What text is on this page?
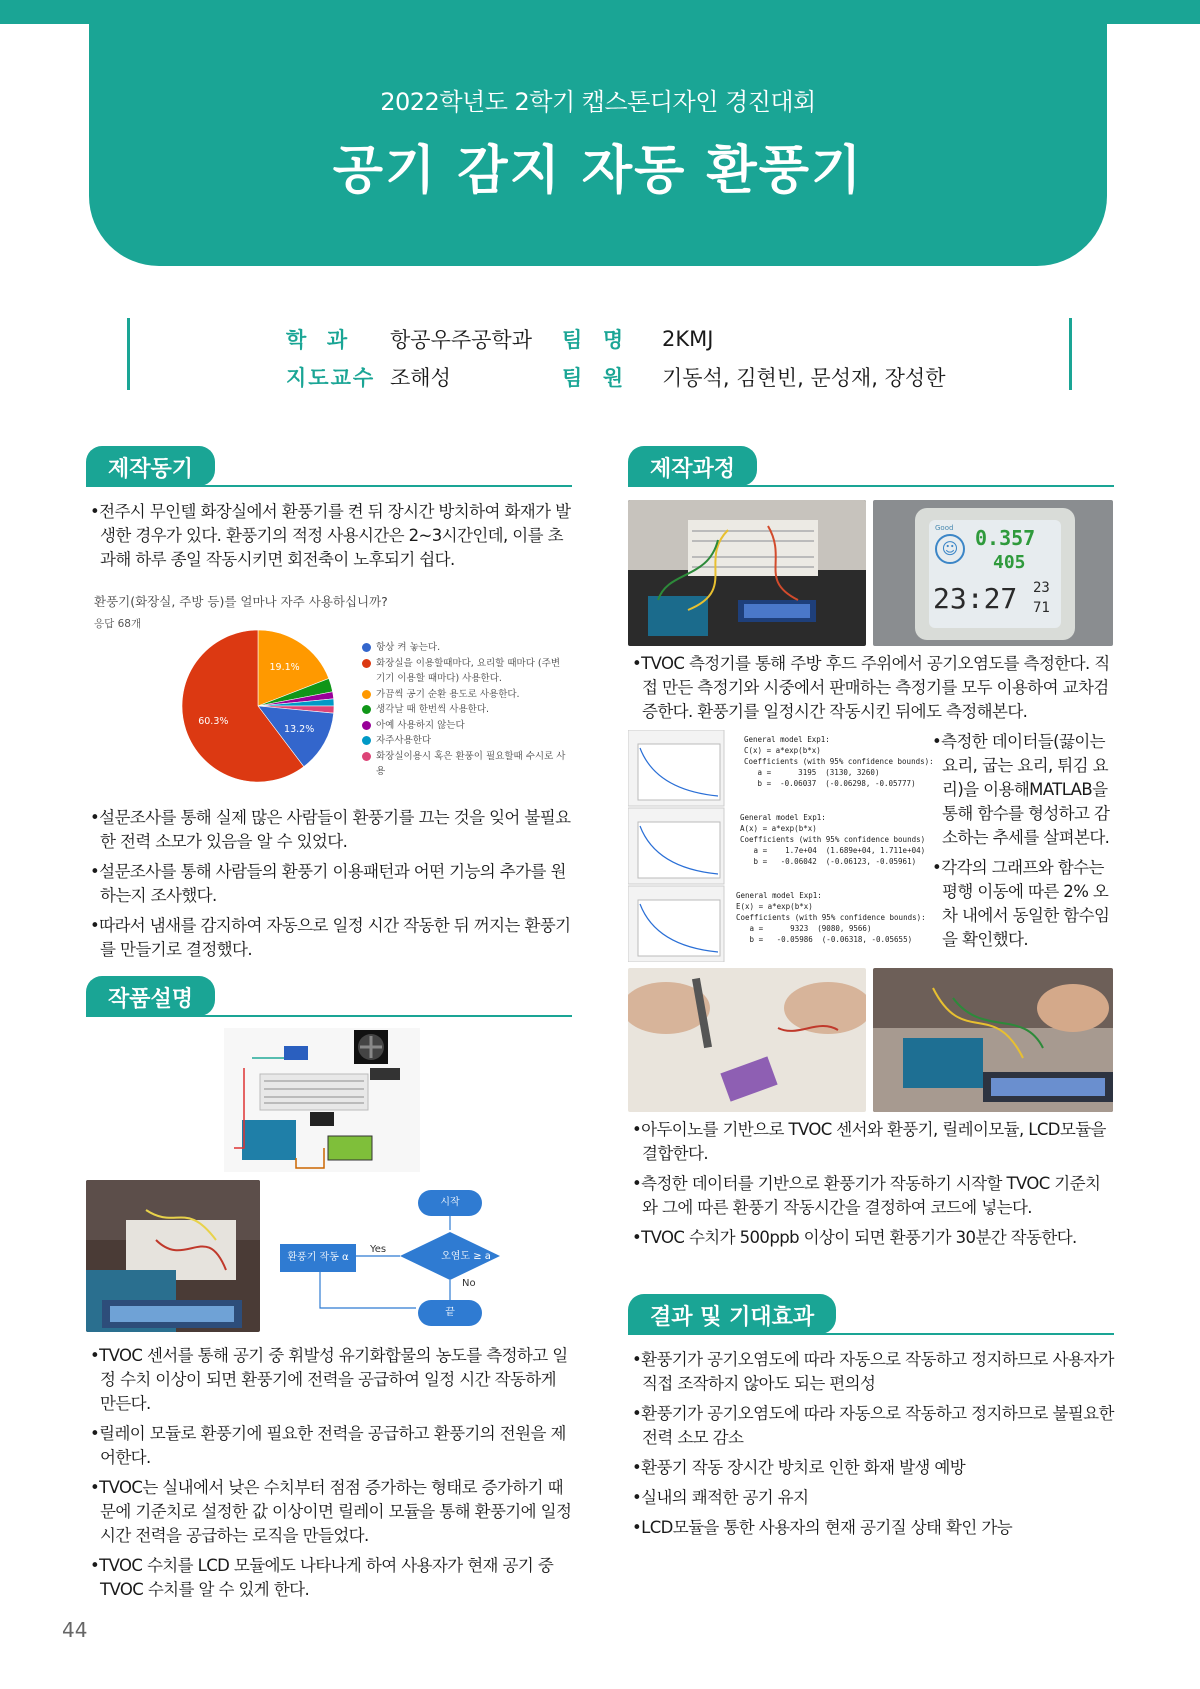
2022학년도 2학기 캡스톤디자인 경진대회
공기 감지 자동 환풍기
학  과	항공우주공학과 팀  명	2KMJ
지도교수 조해성	팀  원	기동석, 김현빈, 문성재, 장성한
제작동기

•전주시 무인텔 화장실에서 환풍기를 켠 뒤 장시간 방치하여 화재가 발생한 경우가 있다. 환풍기의 적정 사용시간은 2~3시간인데, 이를 초과해 하루 종일 작동시키면 회전축이 노후되기 쉽다.

환풍기(화장실, 주방 등)를 얼마나 자주 사용하십니까?
응답 68개
19.1%
13.2%
60.3%
항상 켜 놓는다.
화장실을 이용할때마다, 요리할 때마다 (주변 기기 이용할 때마다) 사용한다.
가끔씩 공기 순환 용도로 사용한다.
생각날 때 한번씩 사용한다.
아예 사용하지 않는다
자주사용한다
화장실이용시 혹은 환풍이 필요할때 수시로 사용

•설문조사를 통해 실제 많은 사람들이 환풍기를 끄는 것을 잊어 불필요한 전력 소모가 있음을 알 수 있었다.

•설문조사를 통해 사람들의 환풍기 이용패턴과 어떤 기능의 추가를 원하는지 조사했다.

•따라서 냄새를 감지하여 자동으로 일정 시간 작동한 뒤 꺼지는 환풍기를 만들기로 결정했다.

작품설명
시작
오염도 ≥ a
환풍기 작동 α
끝
Yes
No

•TVOC 센서를 통해 공기 중 휘발성 유기화합물의 농도를 측정하고 일정 수치 이상이 되면 환풍기에 전력을 공급하여 일정 시간 작동하게 만든다.

•릴레이 모듈로 환풍기에 필요한 전력을 공급하고 환풍기의 전원을 제어한다.

•TVOC는 실내에서 낮은 수치부터 점점 증가하는 형태로 증가하기 때문에 기준치로 설정한 값 이상이면 릴레이 모듈을 통해 환풍기에 일정시간 전력을 공급하는 로직을 만들었다.

•TVOC 수치를 LCD 모듈에도 나타나게 하여 사용자가 현재 공기 중 TVOC 수치를 알 수 있게 한다.

제작과정
Good
☺ 0.357
405
23:27 23
71

•TVOC 측정기를 통해 주방 후드 주위에서 공기오염도를 측정한다. 직접 만든 측정기와 시중에서 판매하는 측정기를 모두 이용하여 교차검증한다. 환풍기를 일정시간 작동시킨 뒤에도 측정해본다.

General model Exp1:
C(x) = a*exp(b*x)
Coefficients (with 95% confidence bounds):
a =      3195  (3130, 3260)
b =  -0.06037  (-0.06298, -0.05777)
General model Exp1:
A(x) = a*exp(b*x)
Coefficients (with 95% confidence bounds)
a =    1.7e+04  (1.689e+04, 1.711e+04)
b =   -0.06042  (-0.06123, -0.05961)
General model Exp1:
E(x) = a*exp(b*x)
Coefficients (with 95% confidence bounds):
a =      9323  (9080, 9566)
b =   -0.05986  (-0.06318, -0.05655)

•측정한 데이터들(끓이는 요리, 굽는 요리, 튀김 요리)을 이용해MATLAB을 통해 함수를 형성하고 감소하는 추세를 살펴본다.

•각각의 그래프와 함수는 평행 이동에 따른 2% 오차 내에서 동일한 함수임을 확인했다.

•아두이노를 기반으로 TVOC 센서와 환풍기, 릴레이모듈, LCD모듈을 결합한다.

•측정한 데이터를 기반으로 환풍기가 작동하기 시작할 TVOC 기준치와 그에 따른 환풍기 작동시간을 결정하여 코드에 넣는다.

•TVOC 수치가 500ppb 이상이 되면 환풍기가 30분간 작동한다.

결과 및 기대효과

•환풍기가 공기오염도에 따라 자동으로 작동하고 정지하므로 사용자가 직접 조작하지 않아도 되는 편의성

•환풍기가 공기오염도에 따라 자동으로 작동하고 정지하므로 불필요한 전력 소모 감소

•환풍기 작동 장시간 방치로 인한 화재 발생 예방

•실내의 쾌적한 공기 유지

•LCD모듈을 통한 사용자의 현재 공기질 상태 확인 가능

44
